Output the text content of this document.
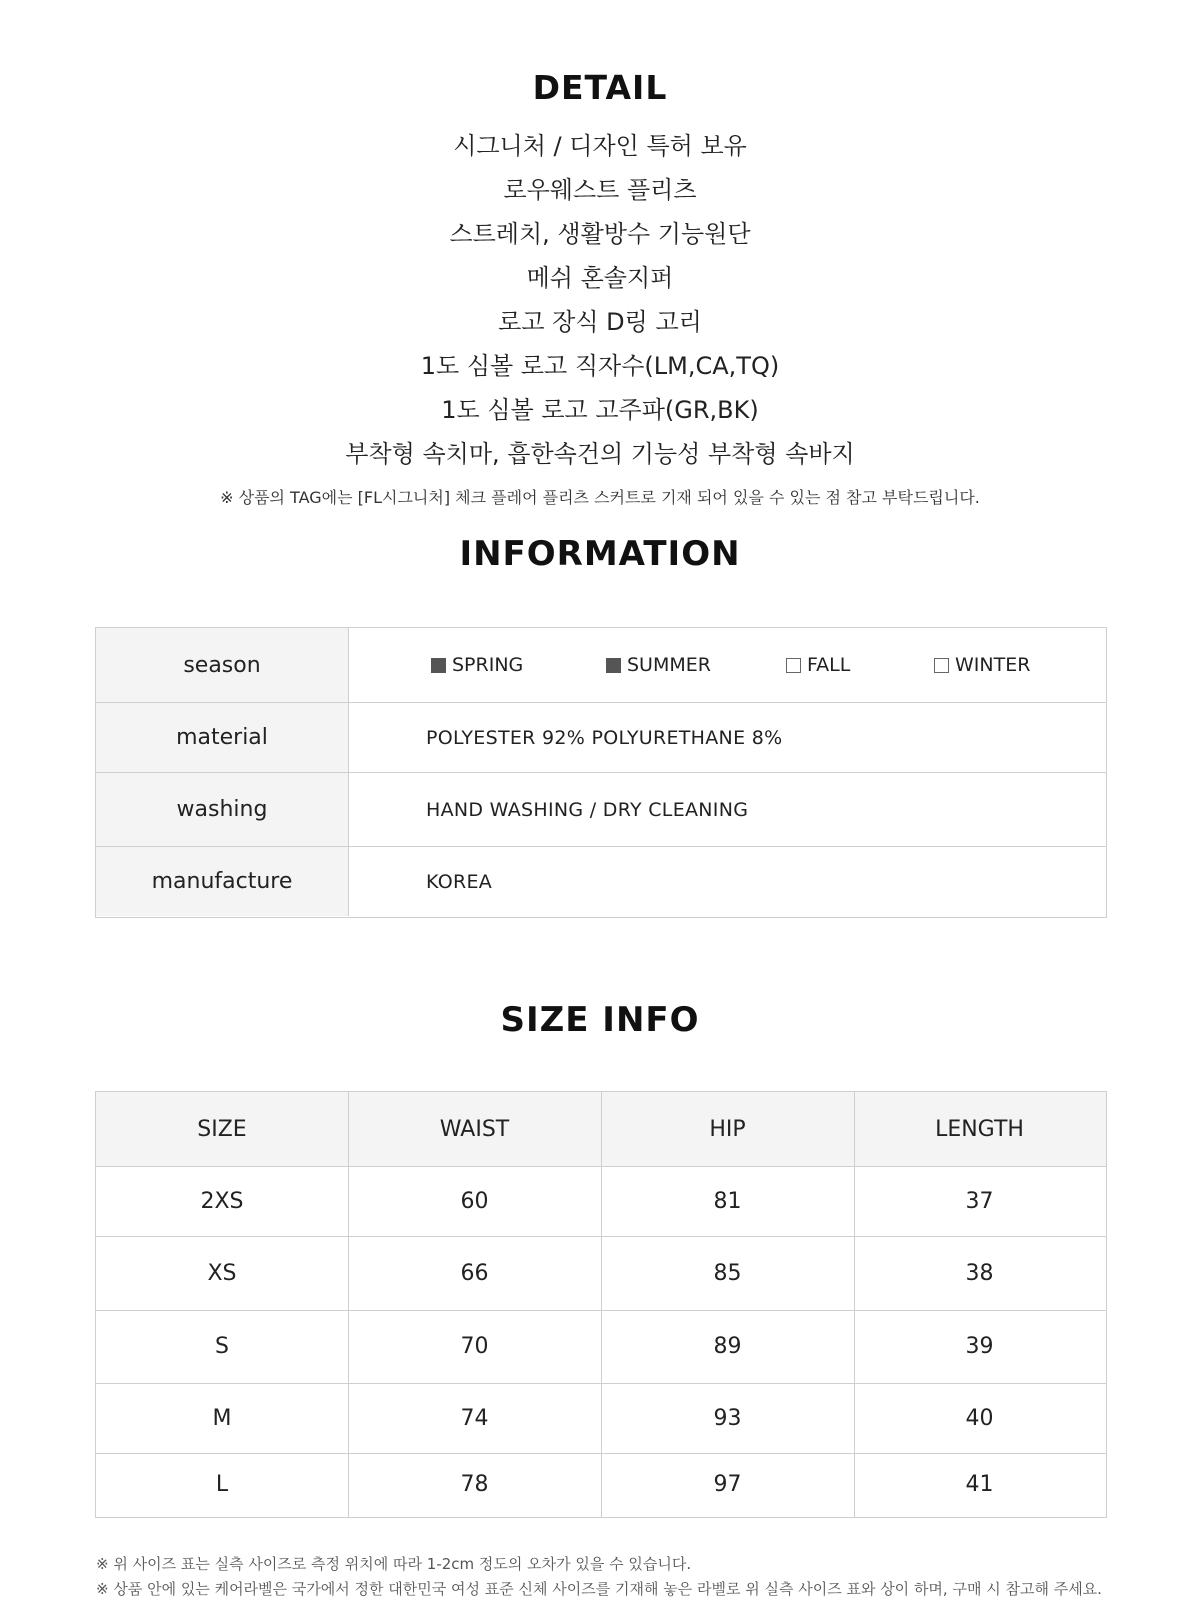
DETAIL
시그니처 / 디자인 특허 보유
로우웨스트 플리츠
스트레치, 생활방수 기능원단
메쉬 혼솔지퍼
로고 장식 D링 고리
1도 심볼 로고 직자수(LM,CA,TQ)
1도 심볼 로고 고주파(GR,BK)
부착형 속치마, 흡한속건의 기능성 부착형 속바지
※ 상품의 TAG에는 [FL시그니처] 체크 플레어 플리츠 스커트로 기재 되어 있을 수 있는 점 참고 부탁드립니다.
INFORMATION
season	SPRING	SUMMER	FALL	WINTER
material	POLYESTER 92% POLYURETHANE 8%
washing	HAND WASHING / DRY CLEANING
manufacture	KOREA
SIZE INFO
SIZE	WAIST	HIP	LENGTH
2XS	60	81	37
XS	66	85	38
S	70	89	39
M	74	93	40
L	78	97	41
※ 위 사이즈 표는 실측 사이즈로 측정 위치에 따라 1-2cm 정도의 오차가 있을 수 있습니다.
※ 상품 안에 있는 케어라벨은 국가에서 정한 대한민국 여성 표준 신체 사이즈를 기재해 놓은 라벨로 위 실측 사이즈 표와 상이 하며, 구매 시 참고해 주세요.
